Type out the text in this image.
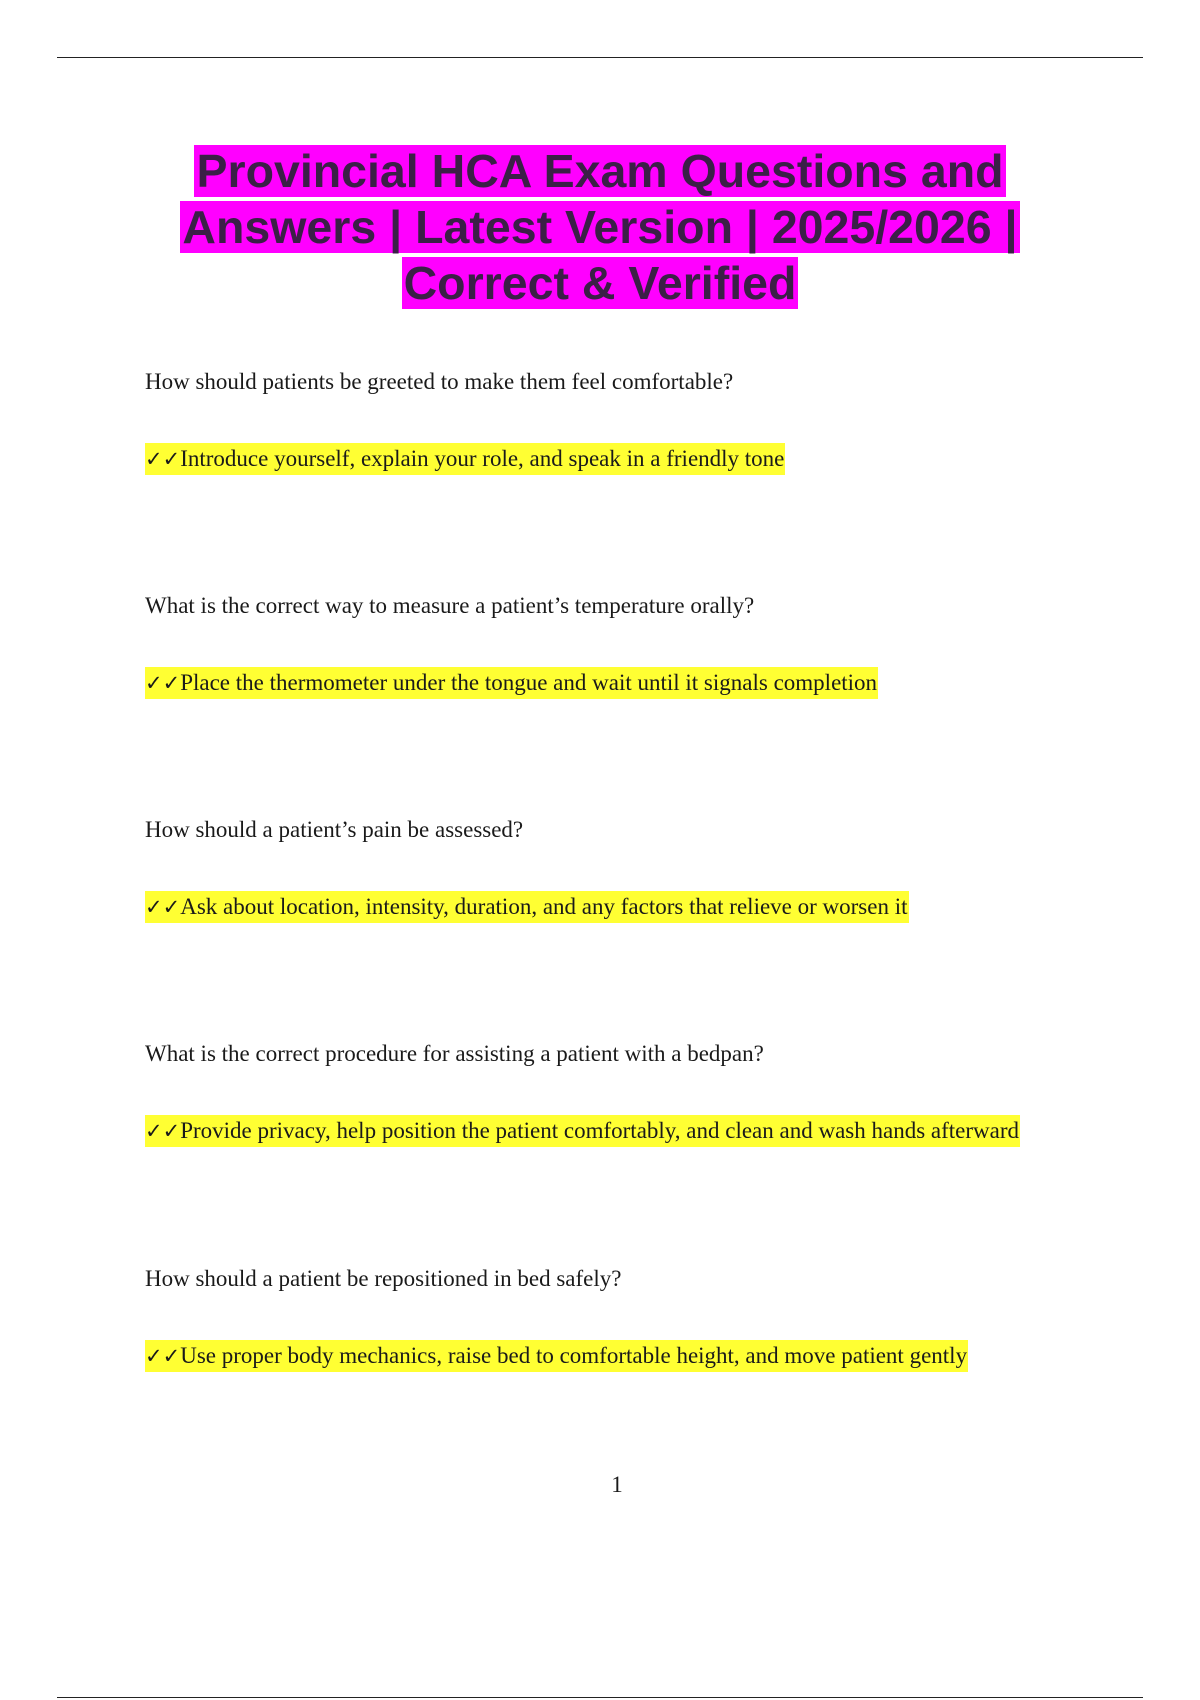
Provincial HCA Exam Questions and
Answers | Latest Version | 2025/2026 |
Correct & Verified
How should patients be greeted to make them feel comfortable?
✓✓Introduce yourself, explain your role, and speak in a friendly tone
What is the correct way to measure a patient’s temperature orally?
✓✓Place the thermometer under the tongue and wait until it signals completion
How should a patient’s pain be assessed?
✓✓Ask about location, intensity, duration, and any factors that relieve or worsen it
What is the correct procedure for assisting a patient with a bedpan?
✓✓Provide privacy, help position the patient comfortably, and clean and wash hands afterward
How should a patient be repositioned in bed safely?
✓✓Use proper body mechanics, raise bed to comfortable height, and move patient gently
1
